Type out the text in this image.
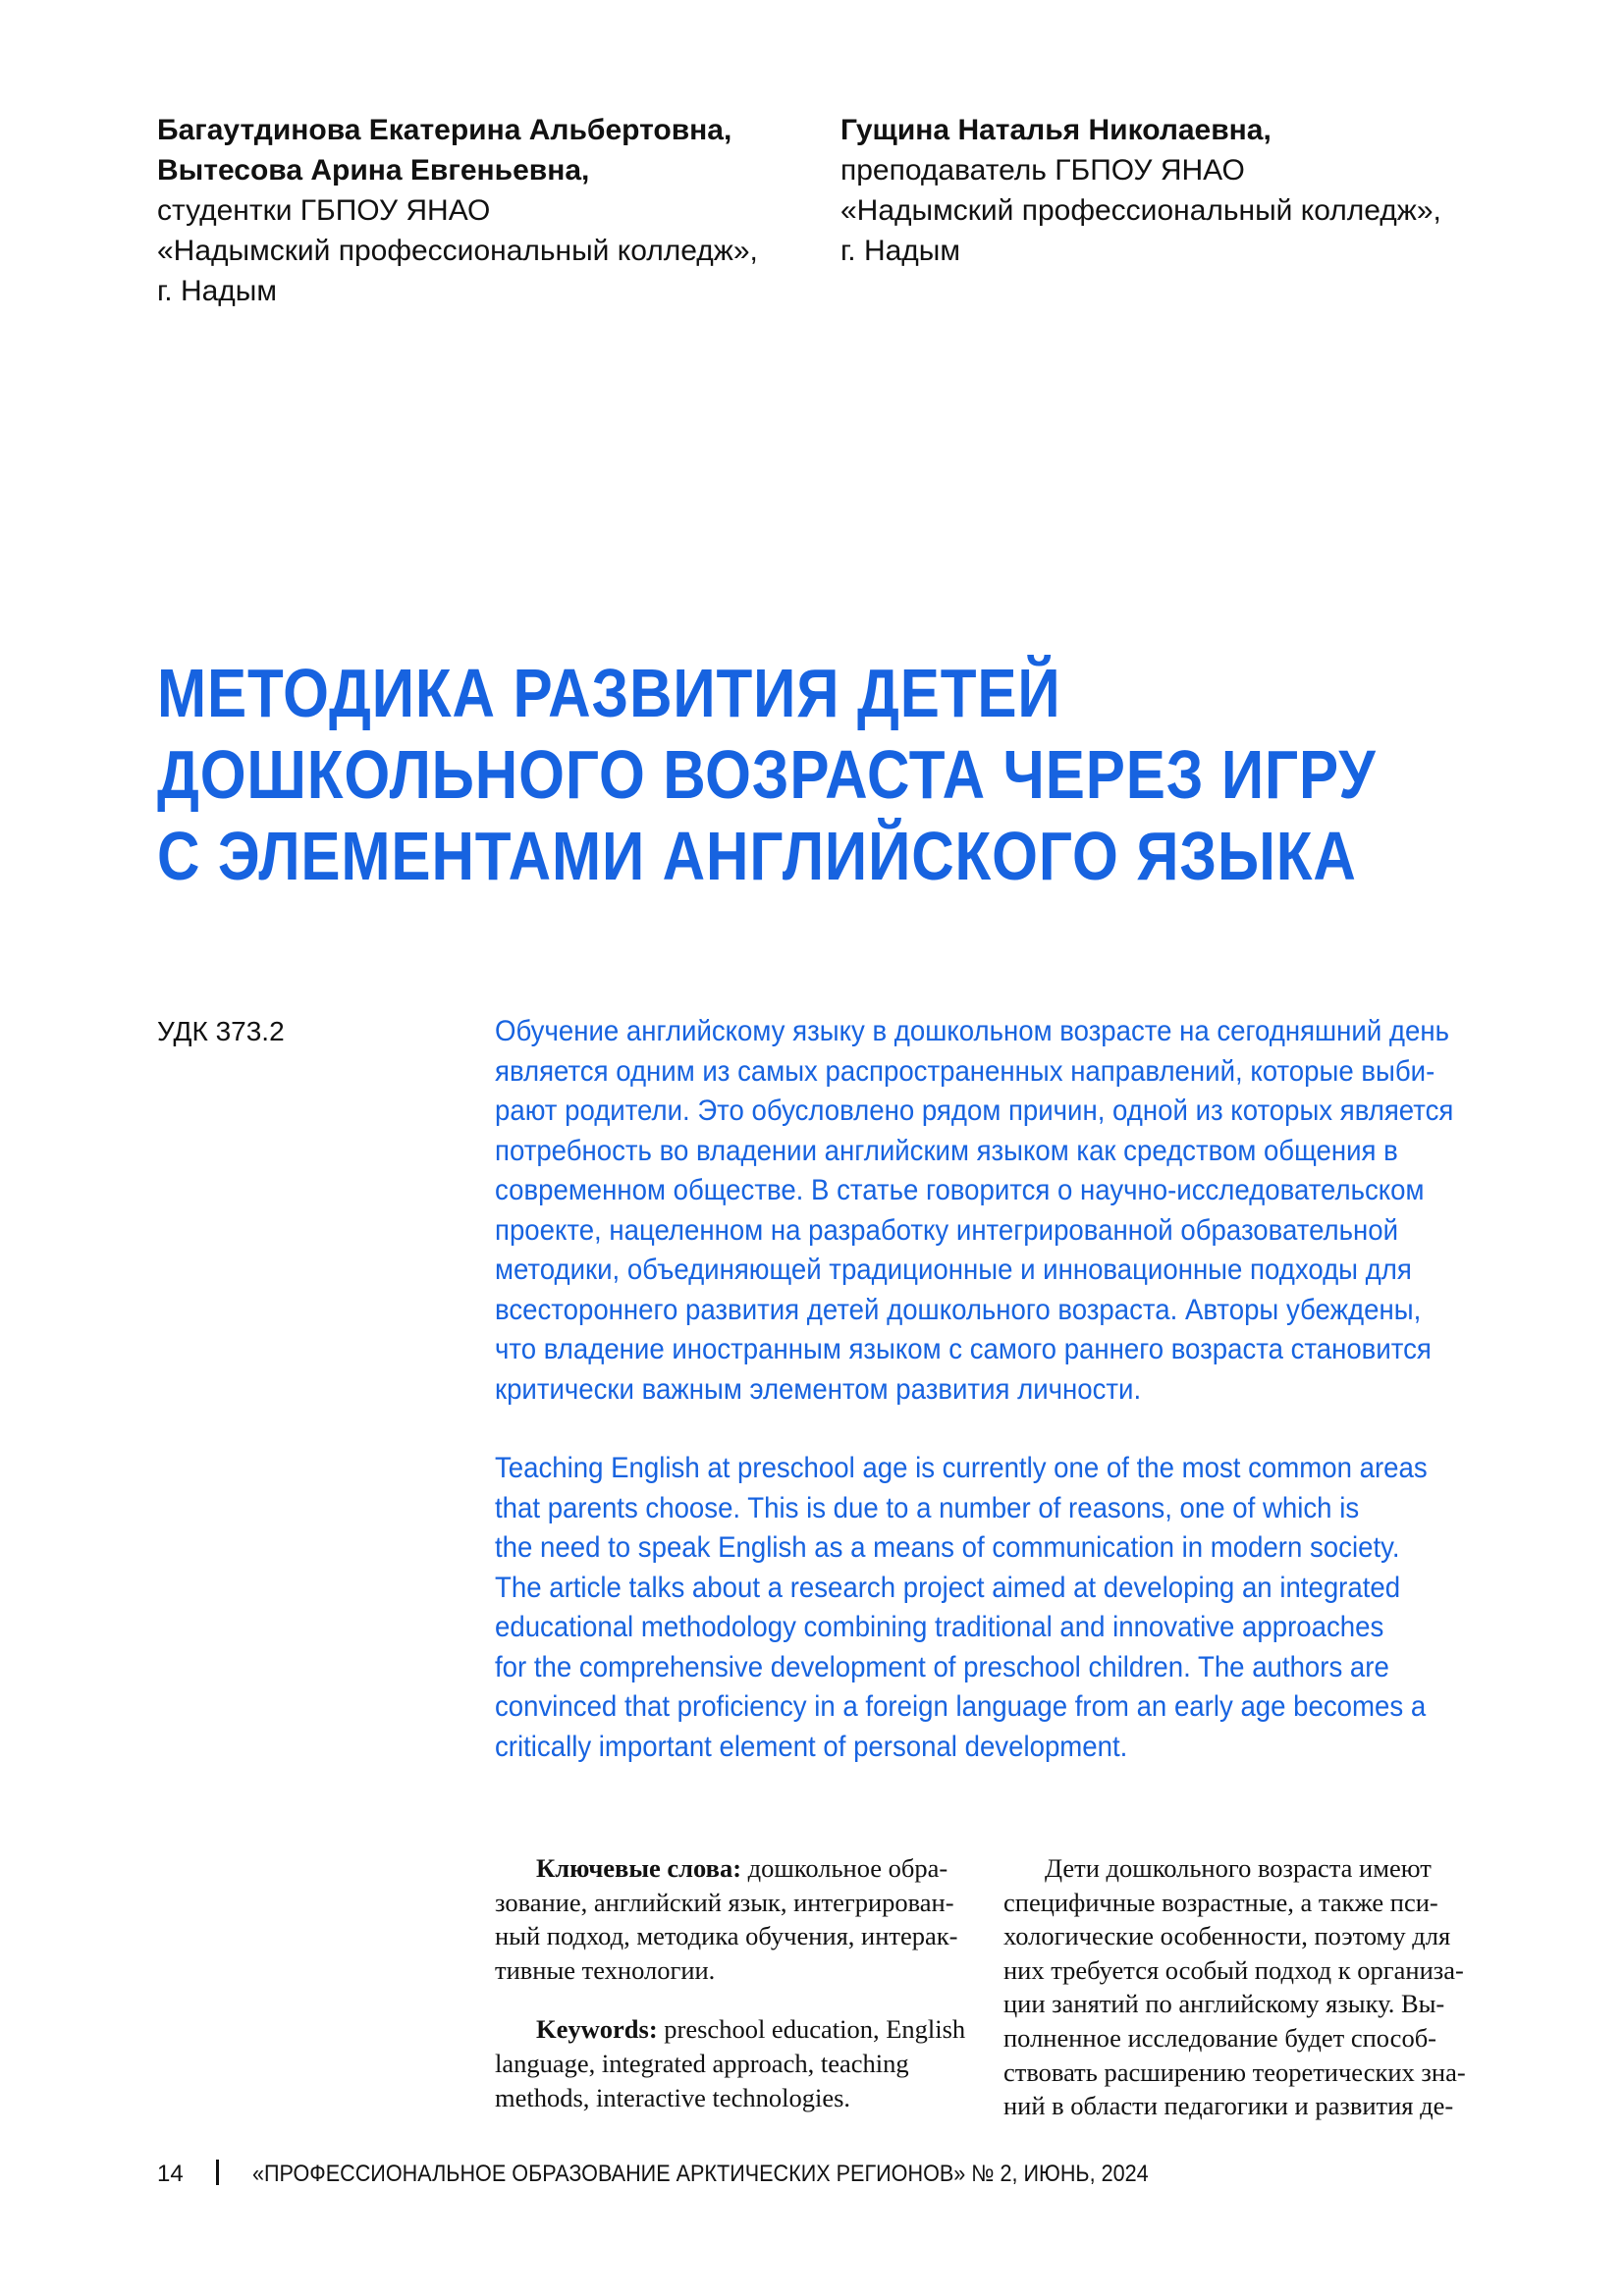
Багаутдинова Екатерина Альбертовна,
Вытесова Арина Евгеньевна,
студентки ГБПОУ ЯНАО
«Надымский профессиональный колледж»,
г. Надым
Гущина Наталья Николаевна,
преподаватель ГБПОУ ЯНАО
«Надымский профессиональный колледж»,
г. Надым
МЕТОДИКА РАЗВИТИЯ ДЕТЕЙ
ДОШКОЛЬНОГО ВОЗРАСТА ЧЕРЕЗ ИГРУ
С ЭЛЕМЕНТАМИ АНГЛИЙСКОГО ЯЗЫКА
УДК 373.2	Обучение английскому языку в дошкольном возрасте на сегодняшний день
является одним из самых распространенных направлений, которые выби-
рают родители. Это обусловлено рядом причин, одной из которых является
потребность во владении английским языком как средством общения в
современном обществе. В статье говорится о научно-исследовательском
проекте, нацеленном на разработку интегрированной образовательной
методики, объединяющей традиционные и инновационные подходы для
всестороннего развития детей дошкольного возраста. Авторы убеждены,
что владение иностранным языком с самого раннего возраста становится
критически важным элементом развития личности.
Teaching English at preschool age is currently one of the most common areas
that parents choose. This is due to a number of reasons, one of which is
the need to speak English as a means of communication in modern society.
The article talks about a research project aimed at developing an integrated
educational methodology combining traditional and innovative approaches
for the comprehensive development of preschool children. The authors are
convinced that proficiency in a foreign language from an early age becomes a
critically important element of personal development.
Ключевые слова: дошкольное обра-
зование, английский язык, интегрирован-
ный подход, методика обучения, интерак-
тивные технологии.
Keywords: preschool education, English
language, integrated approach, teaching
methods, interactive technologies.
Дети дошкольного возраста имеют
специфичные возрастные, а также пси-
хологические особенности, поэтому для
них требуется особый подход к организа-
ции занятий по английскому языку. Вы-
полненное исследование будет способ-
ствовать расширению теоретических зна-
ний в области педагогики и развития де-
14	«ПРОФЕССИОНАЛЬНОЕ ОБРАЗОВАНИЕ АРКТИЧЕСКИХ РЕГИОНОВ» № 2, ИЮНЬ, 2024
